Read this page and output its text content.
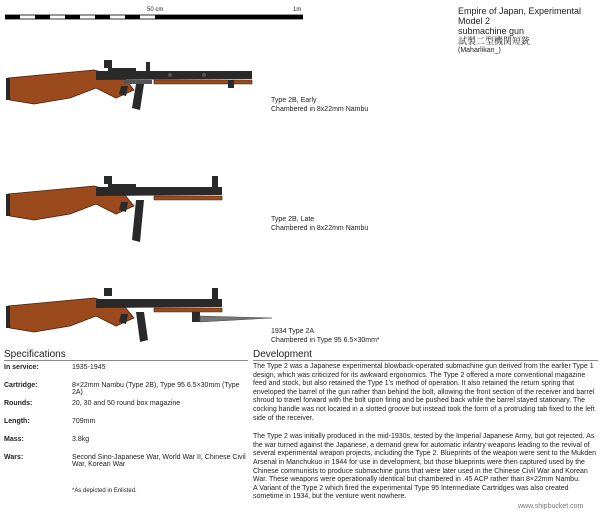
50 cm	1m	Empire of Japan, Experimental Model 2
submachine gun
試製二型機関短銃
(Maharlikan_)
Type 2B, Early
Chambered in 8x22mm Nambu
Type 2B, Late
Chambered in 8x22mm Nambu
1934 Type 2A
Chambered in Type 95 6.5×30mm*
Specifications
In service:	1935-1945
Cartridge:	8×22mm Nambu (Type 2B), Type 95 6.5×30mm (Type 2A)
Rounds:	20, 30 and 50 round box magazine
Length:	709mm
Mass:	3.8kg
Wars:	Second Sino-Japanese War, World War II, Chinese Civil War, Korean War
Development

The Type 2 was a Japanese experimental blowback-operated submachine gun derived from the earlier Type 1 design, which was criticized for its awkward ergonomics. The Type 2 offered a more conventional magazine feed and stock, but also retained the Type 1's method of operation. It also retained the return spring that enveloped the barrel of the gun rather than behind the bolt, allowing the front section of the receiver and barrel shroud to travel forward with the bolt upon firing and be pushed back while the barrel stayed stationary. The cocking handle was not located in a slotted groove but instead took the form of a protruding tab fixed to the left side of the receiver.

The Type 2 was initially produced in the mid-1930s, tested by the Imperial Japanese Army, but got rejected. As the war turned against the Japanese, a demand grew for automatic infantry weapons leading to the revival of several experimental weapon projects, including the Type 2. Blueprints of the weapon were sent to the Mukden Arsenal in Manchukuo in 1944 for use in development, but those blueprints were then captured used by the Chinese communists to produce submachine guns that were later used in the Chinese Civil War and Korean War. These weapons were operationally identical but chambered in .45 ACP rather than 8×22mm Nambu.

A Variant of the Type 2 which fired the experimental Type 95 Intermediate Cartridges was also created sometime in 1934, but the venture went nowhere.

*As depicted in Enlisted.
www.shipbucket.com
